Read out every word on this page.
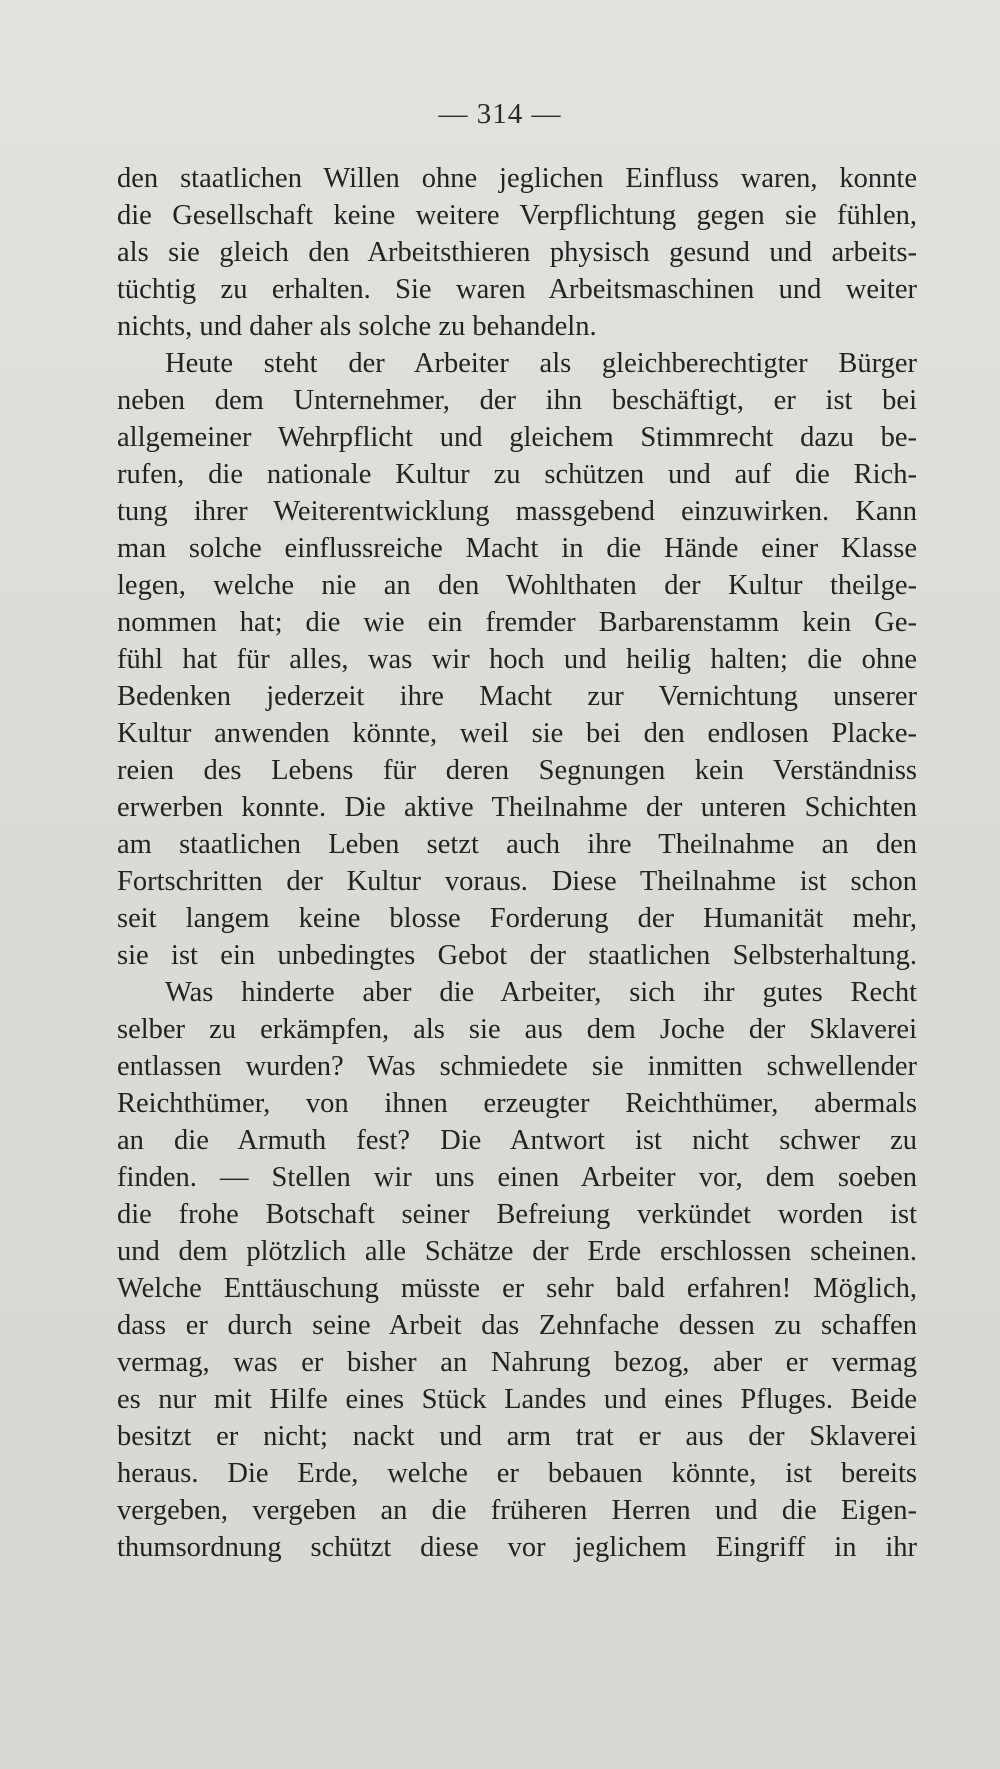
— 314 —
den staatlichen Willen ohne jeglichen Einfluss waren, konnte
die Gesellschaft keine weitere Verpflichtung gegen sie fühlen,
als sie gleich den Arbeitsthieren physisch gesund und arbeits-
tüchtig zu erhalten. Sie waren Arbeitsmaschinen und weiter
nichts, und daher als solche zu behandeln.
Heute steht der Arbeiter als gleichberechtigter Bürger
neben dem Unternehmer, der ihn beschäftigt, er ist bei
allgemeiner Wehrpflicht und gleichem Stimmrecht dazu be-
rufen, die nationale Kultur zu schützen und auf die Rich-
tung ihrer Weiterentwicklung massgebend einzuwirken. Kann
man solche einflussreiche Macht in die Hände einer Klasse
legen, welche nie an den Wohlthaten der Kultur theilge-
nommen hat; die wie ein fremder Barbarenstamm kein Ge-
fühl hat für alles, was wir hoch und heilig halten; die ohne
Bedenken jederzeit ihre Macht zur Vernichtung unserer
Kultur anwenden könnte, weil sie bei den endlosen Placke-
reien des Lebens für deren Segnungen kein Verständniss
erwerben konnte. Die aktive Theilnahme der unteren Schichten
am staatlichen Leben setzt auch ihre Theilnahme an den
Fortschritten der Kultur voraus. Diese Theilnahme ist schon
seit langem keine blosse Forderung der Humanität mehr,
sie ist ein unbedingtes Gebot der staatlichen Selbsterhaltung.
Was hinderte aber die Arbeiter, sich ihr gutes Recht
selber zu erkämpfen, als sie aus dem Joche der Sklaverei
entlassen wurden? Was schmiedete sie inmitten schwellender
Reichthümer, von ihnen erzeugter Reichthümer, abermals
an die Armuth fest? Die Antwort ist nicht schwer zu
finden. — Stellen wir uns einen Arbeiter vor, dem soeben
die frohe Botschaft seiner Befreiung verkündet worden ist
und dem plötzlich alle Schätze der Erde erschlossen scheinen.
Welche Enttäuschung müsste er sehr bald erfahren! Möglich,
dass er durch seine Arbeit das Zehnfache dessen zu schaffen
vermag, was er bisher an Nahrung bezog, aber er vermag
es nur mit Hilfe eines Stück Landes und eines Pfluges. Beide
besitzt er nicht; nackt und arm trat er aus der Sklaverei
heraus. Die Erde, welche er bebauen könnte, ist bereits
vergeben, vergeben an die früheren Herren und die Eigen-
thumsordnung schützt diese vor jeglichem Eingriff in ihr
